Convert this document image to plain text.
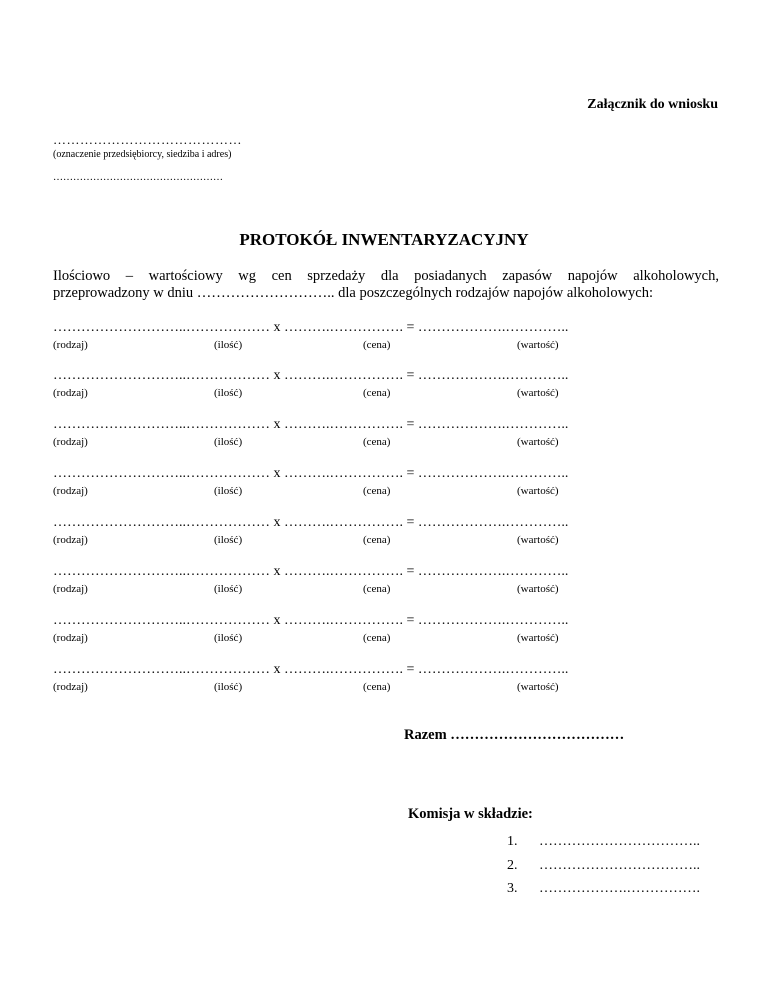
Załącznik do wniosku
……………………………………
(oznaczenie przedsiębiorcy, siedziba i adres)
……………………………………………
PROTOKÓŁ INWENTARYZACYJNY

Ilościowo – wartościowy wg cen sprzedaży dla posiadanych zapasów napojów alkoholowych,

przeprowadzony w dniu ……………………….. dla poszczególnych rodzajów napojów alkoholowych:

………………………..……………… x ……….……………. = ……………….…………..
(rodzaj)	(ilość)	(cena)	(wartość)
………………………..……………… x ……….……………. = ……………….…………..
(rodzaj)	(ilość)	(cena)	(wartość)
………………………..……………… x ……….……………. = ……………….…………..
(rodzaj)	(ilość)	(cena)	(wartość)
………………………..……………… x ……….……………. = ……………….…………..
(rodzaj)	(ilość)	(cena)	(wartość)
………………………..……………… x ……….……………. = ……………….…………..
(rodzaj)	(ilość)	(cena)	(wartość)
………………………..……………… x ……….……………. = ……………….…………..
(rodzaj)	(ilość)	(cena)	(wartość)
………………………..……………… x ……….……………. = ……………….…………..
(rodzaj)	(ilość)	(cena)	(wartość)
………………………..……………… x ……….……………. = ……………….…………..
(rodzaj)	(ilość)	(cena)	(wartość)
Razem ………………………………
Komisja w składzie:
1. ……………………………..
2. ……………………………..
3. ……………….…………….
